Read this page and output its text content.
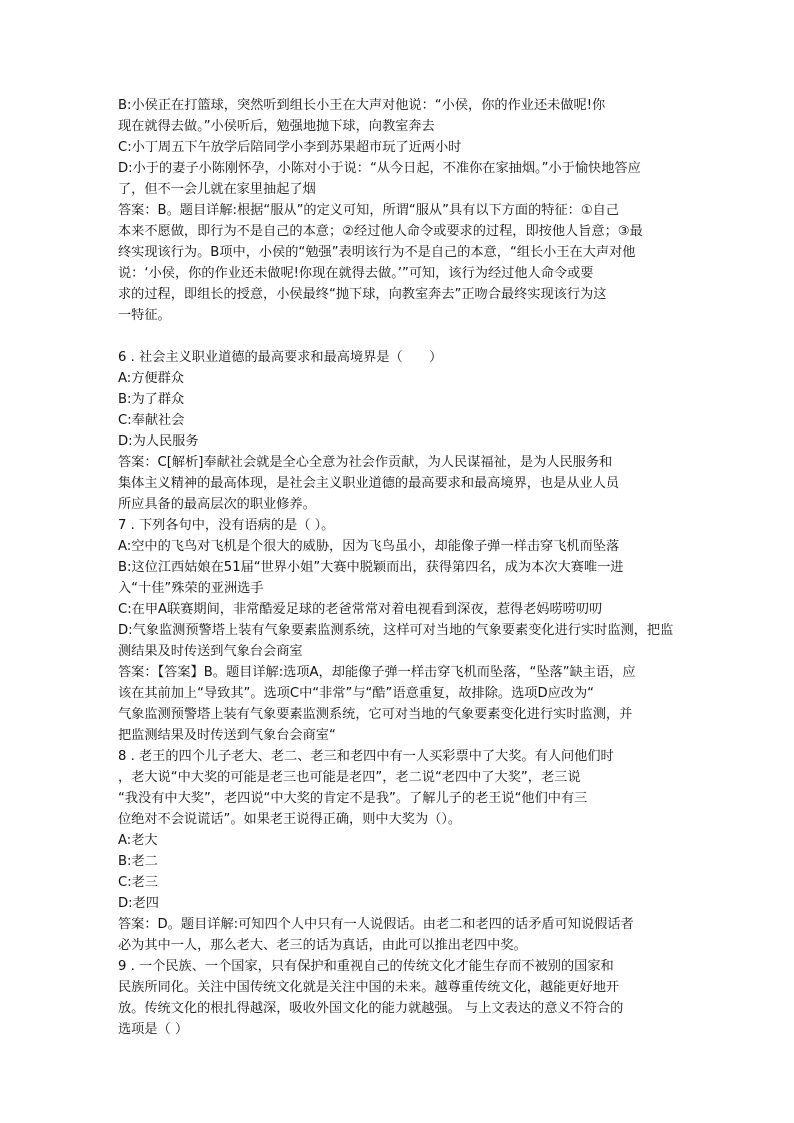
B:小侯正在打篮球，突然听到组长小王在大声对他说：“小侯，你的作业还未做呢!你
现在就得去做。”小侯听后，勉强地抛下球，向教室奔去
C:小丁周五下午放学后陪同学小李到苏果超市玩了近两小时
D:小于的妻子小陈刚怀孕，小陈对小于说：“从今日起，不准你在家抽烟。”小于愉快地答应
了，但不一会儿就在家里抽起了烟
答案：B。题目详解:根据“服从”的定义可知，所谓“服从”具有以下方面的特征：①自己
本来不愿做，即行为不是自己的本意；②经过他人命令或要求的过程，即按他人旨意；③最
终实现该行为。B项中，小侯的“勉强”表明该行为不是自己的本意，“组长小王在大声对他
说：‘小侯，你的作业还未做呢!你现在就得去做。’”可知，该行为经过他人命令或要
求的过程，即组长的授意，小侯最终“抛下球，向教室奔去”正吻合最终实现该行为这
一特征。
6 . 社会主义职业道德的最高要求和最高境界是（　　）
A:方便群众
B:为了群众
C:奉献社会
D:为人民服务
答案：C[解析]奉献社会就是全心全意为社会作贡献，为人民谋福祉，是为人民服务和
集体主义精神的最高体现，是社会主义职业道德的最高要求和最高境界，也是从业人员
所应具备的最高层次的职业修养。
7 . 下列各句中，没有语病的是（ ）。
A:空中的飞鸟对飞机是个很大的威胁，因为飞鸟虽小，却能像子弹一样击穿飞机而坠落
B:这位江西姑娘在51届“世界小姐”大赛中脱颖而出，获得第四名，成为本次大赛唯一进
入“十佳”殊荣的亚洲选手
C:在甲A联赛期间，非常酷爱足球的老爸常常对着电视看到深夜，惹得老妈唠唠叨叨
D:气象监测预警塔上装有气象要素监测系统，这样可对当地的气象要素变化进行实时监测，把监
测结果及时传送到气象台会商室
答案：【答案】B。题目详解:选项A，却能像子弹一样击穿飞机而坠落，“坠落”缺主语，应
该在其前加上“导致其”。选项C中“非常”与“酷”语意重复，故排除。选项D应改为“
气象监测预警塔上装有气象要素监测系统，它可对当地的气象要素变化进行实时监测，并
把监测结果及时传送到气象台会商室“
8 . 老王的四个儿子老大、老二、老三和老四中有一人买彩票中了大奖。有人问他们时
，老大说“中大奖的可能是老三也可能是老四”，老二说“老四中了大奖”，老三说
“我没有中大奖”，老四说“中大奖的肯定不是我”。了解儿子的老王说“他们中有三
位绝对不会说谎话”。如果老王说得正确，则中大奖为（）。
A:老大
B:老二
C:老三
D:老四
答案：D。题目详解:可知四个人中只有一人说假话。由老二和老四的话矛盾可知说假话者
必为其中一人，那么老大、老三的话为真话，由此可以推出老四中奖。
9 . 一个民族、一个国家，只有保护和重视自己的传统文化才能生存而不被别的国家和
民族所同化。关注中国传统文化就是关注中国的未来。越尊重传统文化，越能更好地开
放。传统文化的根扎得越深，吸收外国文化的能力就越强。 与上文表达的意义不符合的
选项是（ ）
